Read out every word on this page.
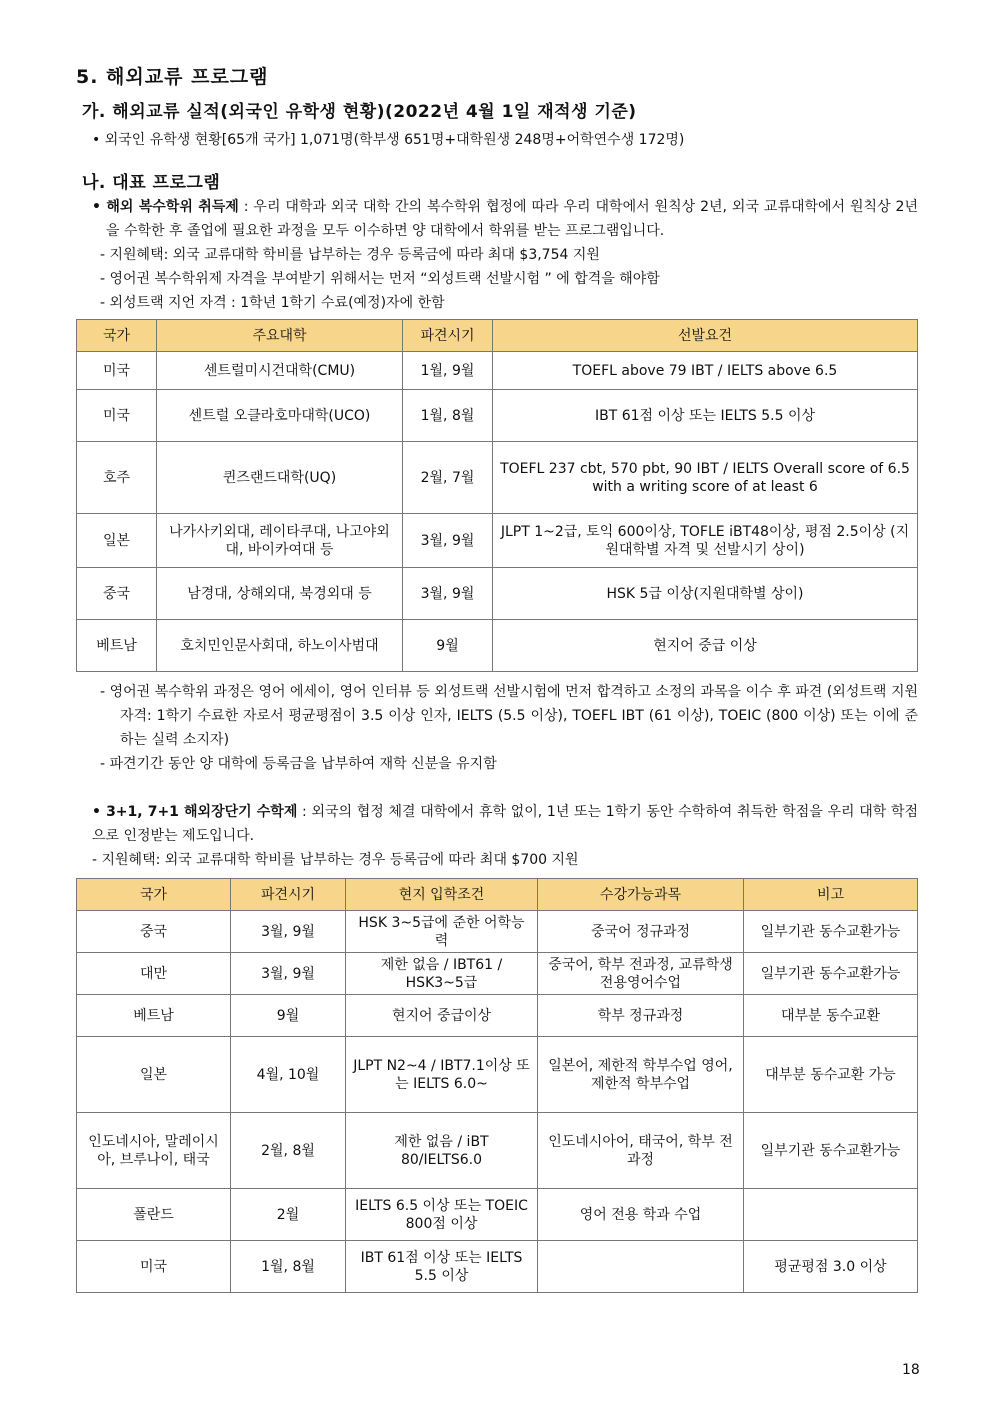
5. 해외교류 프로그램
가. 해외교류 실적(외국인 유학생 현황)(2022년 4월 1일 재적생 기준)

• 외국인 유학생 현황[65개 국가] 1,071명(학부생 651명+대학원생 248명+어학연수생 172명)

나. 대표 프로그램

• 해외 복수학위 취득제 : 우리 대학과 외국 대학 간의 복수학위 협정에 따라 우리 대학에서 원칙상 2년, 외국 교류대학에서 원칙상 2년을 수학한 후 졸업에 필요한 과정을 모두 이수하면 양 대학에서 학위를 받는 프로그램입니다.

- 지원혜택: 외국 교류대학 학비를 납부하는 경우 등록금에 따라 최대 $3,754 지원

- 영어권 복수학위제 자격을 부여받기 위해서는 먼저 “외성트랙 선발시험 ” 에 합격을 해야함

- 외성트랙 지언 자격 : 1학년 1학기 수료(예정)자에 한함

국가	주요대학	파견시기	선발요건
미국	센트럴미시건대학(CMU)	1월, 9월	TOEFL above 79 IBT / IELTS above 6.5
미국	센트럴 오클라호마대학(UCO)	1월, 8월	IBT 61점 이상 또는 IELTS 5.5 이상
호주	퀸즈랜드대학(UQ)	2월, 7월	TOEFL 237 cbt, 570 pbt, 90 IBT / IELTS Overall score of 6.5 with a writing score of at least 6
일본	나가사키외대, 레이타쿠대, 나고야외대, 바이카여대 등	3월, 9월	JLPT 1~2급, 토익 600이상, TOFLE iBT48이상, 평점 2.5이상 (지원대학별 자격 및 선발시기 상이)
중국	남경대, 상해외대, 북경외대 등	3월, 9월	HSK 5급 이상(지원대학별 상이)
베트남	호치민인문사회대, 하노이사범대	9월	현지어 중급 이상

- 영어권 복수학위 과정은 영어 에세이, 영어 인터뷰 등 외성트랙 선발시험에 먼저 합격하고 소정의 과목을 이수 후 파견 (외성트랙 지원자격: 1학기 수료한 자로서 평균평점이 3.5 이상 인자, IELTS (5.5 이상), TOEFL IBT (61 이상), TOEIC (800 이상) 또는 이에 준하는 실력 소지자)

- 파견기간 동안 양 대학에 등록금을 납부하여 재학 신분을 유지함

• 3+1, 7+1 해외장단기 수학제 : 외국의 협정 체결 대학에서 휴학 없이, 1년 또는 1학기 동안 수학하여 취득한 학점을 우리 대학 학점으로 인정받는 제도입니다.

- 지원혜택: 외국 교류대학 학비를 납부하는 경우 등록금에 따라 최대 $700 지원

국가	파견시기	현지 입학조건	수강가능과목	비고
중국	3월, 9월	HSK 3~5급에 준한 어학능력	중국어 정규과정	일부기관 동수교환가능
대만	3월, 9월	제한 없음 / IBT61 / HSK3~5급	중국어, 학부 전과정, 교류학생 전용영어수업	일부기관 동수교환가능
베트남	9월	현지어 중급이상	학부 정규과정	대부분 동수교환
일본	4월, 10월	JLPT N2~4 / IBT7.1이상 또는 IELTS 6.0~	일본어, 제한적 학부수업 영어, 제한적 학부수업	대부분 동수교환 가능
인도네시아, 말레이시아, 브루나이, 태국	2월, 8월	제한 없음 / iBT 80/IELTS6.0	인도네시아어, 태국어, 학부 전과정	일부기관 동수교환가능
폴란드	2월	IELTS 6.5 이상 또는 TOEIC 800점 이상	영어 전용 학과 수업	
미국	1월, 8월	IBT 61점 이상 또는 IELTS 5.5 이상		평균평점 3.0 이상
18
